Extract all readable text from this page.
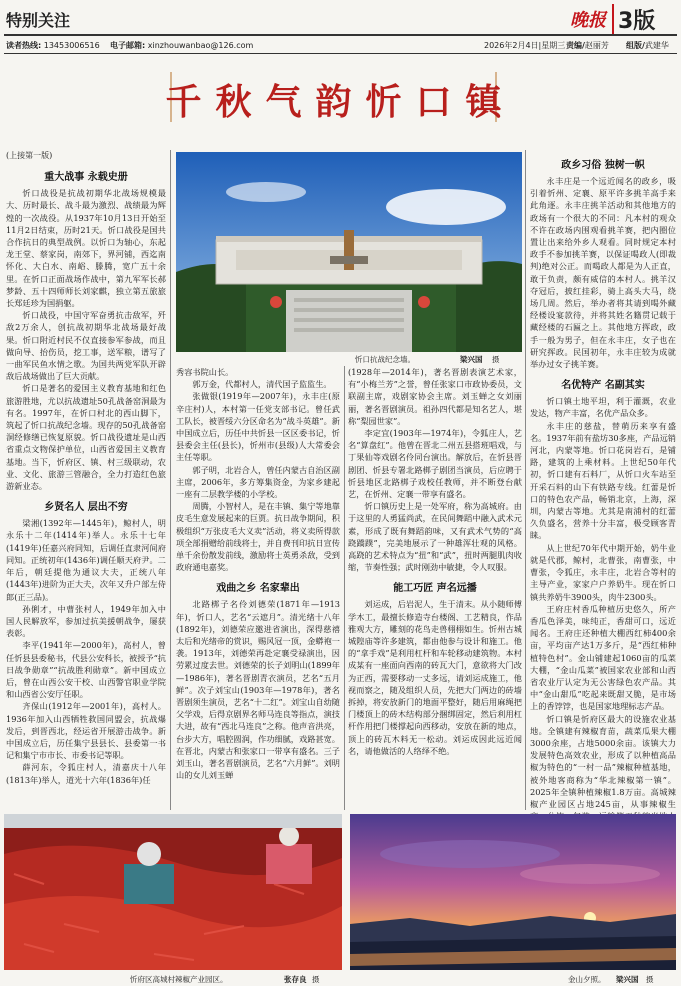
特别关注	晚报 3版
读者热线: 13453006516 电子邮箱: xinzhouwanbao@126.com	2026年2月4日|星期三 责编/赵丽芳 组版/武建华
千秋气韵忻口镇
忻口抗战纪念墙。	梁兴国 摄
(上接第一版)
重大战事 永载史册

忻口战役是抗战初期华北战场规模最大、历时最长、战斗最为激烈、战绩最为辉煌的一次战役。从1937年10月13日开始至11月2日结束，历时21天。忻口战役是国共合作抗日的典型战例。以忻口为轴心，东起龙王堂、蔡家岗，南郊下，界河铺，西迄南怀化、大白水、南峪、滕腾，宽广五十余里。在忻口正面战场作战中，第九军军长郝梦龄、五十四师师长刘家麒，独立第五旅旅长郑廷珍为国捐躯。

忻口战役，中国守军奋勇抗击敌军，歼敌2万余人，创抗战初期华北战场最好战果。忻口附近村民不仅直接参军参战，而且做向导、抬伤员，挖工事，送军粮，谱写了一曲军民鱼水情之歌。为国共两党军队开辟敌后战场做出了巨大贡献。

忻口是著名的爱国主义教育基地和红色旅游胜地，尤以抗战遗址50孔战备窑洞最为有名。1997年，在忻口村北的西山脚下，筑起了忻口抗战纪念墙。现存的50孔战备窑洞经修缮已恢复原貌。忻口战役遗址是山西省重点文物保护单位，山西省爱国主义教育基地。当下，忻府区、镇、村三级联动，农业、文化、旅游三管融合，全力打造红色旅游新业态。

乡贤名人 层出不穷

梁湘(1392年—1445年)，鲸村人，明永乐十二年(1414年)举人。永乐十七年(1419年)任嘉兴府同知，后调任直隶河间府同知。正统初年(1436年)调任顺天府尹。二年后，朝廷提他为通议大夫，正统八年(1443年)进阶为正大夫，次年又升户部左侍郎(正三品)。

孙俐才，中曹张村人，1949年加入中国人民解放军，参加过抗美援朝战争，屡获表彰。

李平(1941年—2000年)，高村人，曾任忻县县委秘书，代县公安科长，被授予“抗日战争勋章”“抗战胜利勋章”。新中国成立后，曾在山西公安干校、山西警官职业学院和山西省公安厅任职。

齐保山(1912年—2001年)，高村人。1936年加入山西牺牲救国同盟会，抗战爆发后，到晋西北，经运省开展游击战争。新中国成立后，历任集宁县县长、县委第一书记和集宁市市长、市委书记等职。

薛河东，令狐庄村人，清嘉庆十八年(1813年)举人，道光十六年(1836年)任

秀容书院山长。

郭万金，代都村人，清代国子监监生。

张做银(1919年—2007年)，永丰庄(原辛庄村)人，本村第一任党支部书记。曾任武工队长，被晋绥六分区命名为“战斗英雄”。新中国成立后，历任中共忻县一区区委书记，忻县委会主任(县长)，忻州市(县级)人大常委会主任等职。

郭子明，北岩合人，曾任内蒙古自治区副主席，2006年，多方筹集资金，为家乡建起一座有二层教学楼的小学校。

周腾，小智村人，是在丰镇、集宁等地靠皮毛生意发展起来的巨贾。抗日战争期间，积极组织“万张皮毛大义卖”活动，将义卖所得款项全部捐赠给前线将士，并自费刊印抗日宣传单千余份散发前线，激励将士英勇杀敌，受到政府通电嘉奖。

戏曲之乡 名家辈出

北路梆子名伶刘德荣(1871年—1913年)，忻口人，艺名“云遮月”。清光绪十八年(1892年)，刘德荣应邀进省演出，深得慈禧太后和光绪帝的赏识，赐风冠一顶，金蟒袍一袭。1913年，刘德荣再赴定襄受禄演出，因劳累过度去世。刘德荣的长子刘明山(1899年—1986年)，著名晋剧青衣演员，艺名“五月鲜”。次子刘宝山(1903年—1978年)，著名晋剧须生演员，艺名“十二红”。刘宝山自幼随父学戏，后得京剧界名师马连良等指点，演技大进，故有“西北马连良”之称。他声音洪亮，台步大方，唱腔圆润，作功细腻，戏路甚宽。在晋北，内蒙古和张家口一带享有盛名。三子刘玉山，著名晋剧演员，艺名“六月鲜”。刘明山的女儿刘玉蝉

(1928年—2014年)，著名晋剧表演艺术家，有“小梅兰芳”之誉，曾任张家口市政协委员，文联副主席，戏剧家协会主席。刘玉蝉之女刘丽丽，著名晋剧演员。祖孙四代都是知名艺人，堪称“梨园世家”。

李定宜(1903年—1974年)，令狐庄人，艺名“算盘红”。他曾在晋北二州五县搭班唱戏，与丁果仙等戏剧名伶同台演出。解放后，在忻县晋剧团、忻县专署北路梆子剧团当演员，后应聘于忻县地区北路梆子戏校任教师，并不断登台献艺，在忻州、定襄一带享有盛名。

忻口镇历史上是一处军府，称为高城府。由于这里的人勇猛尚武，在民间舞蹈中融入武术元素，形成了既有舞蹈韵味，又有武术气势的“高跷蹻蹼”，完美地展示了一种雄浑壮观的风格。高跷的艺术特点为“扭”和“武”，扭时两腿肌肉收缩，节奏性强；武时刚劲中敏捷，令人叹服。

能工巧匠 声名远播

刘运成，后岩泥人，生于清末。从小随师傅学木工，最擅长修造寺台楼阁、工艺精良，作品雅观大方，雕刻的花鸟走兽栩栩如生。忻州古城城隍庙等许多建筑，都由他参与设计和施工。他的“拿手戏”是利用杠杆和车轮移动建筑物。本村成某有一座面向西南的砖瓦大门，意欲将大门改为正西，需要移动一丈多远，请刘运成施工，他视而察之，随及组织人员，先把大门两边的砖墙拆掉，将安放新门的地面平整好，随后用麻绳把门楼顶上的砖木结构部分捆绑固定，然后利用杠杆作用把门楼撑起向西移动，安放在新的地点，顶上的砖瓦木料无一松动。刘运成因此远近闻名，请他做活的人络绎不绝。

政乡习俗 独树一帜

永丰庄是一个远近闻名的政乡，吸引着忻州、定襄、原平许多挑羊高手来此角逐。永丰庄挑羊活动和其他地方的政场有一个很大的不同：凡本村的观众不许在政场内围观看挑羊赛，把内圈位置让出来给外乡人观看。同时规定本村政手不参加挑羊赛，以保证喝政人(即裁判)绝对公正。而喝政人都是为人正直，敢于负责，颇有威信的本村人。挑羊汉夺冠后，披红挂彩，骑上高头大马，绕场几周。然后，举办者将其请到喝外藏经楼设宴款待，并将其姓名籍贯记载于藏经楼的石匾之上。其他地方挥政，政手一般为男子，但在永丰庄，女子也在研究挥政。民国初年，永丰庄较为成就举办过女子挑羊赛。

名优特产 名副其实

忻口镇土地平坦，利于灌溉，农业发达，物产丰富，名优产品众多。

永丰庄的慈盐，替萌历来享有盛名。1937年前有盐坊30多座，产品远销河北，内蒙等地。忻口花岗岩石，是铺路，建筑的上乘材料。上世纪50年代初，忻口建有石料厂，从忻口火车站至开采石料的山下有铁路专线。红蕾是忻口的特色农产品，畅销北京，上海，深圳，内蒙古等地。尤其是南浦村的红蕾久负盛名，营养十分丰富，极受顾客青睐。

从上世纪70年代中期开始，奶牛业就是代郡，鲸村，北曹张，南曹张，中曹张，令狐庄，永丰庄，北岩合等村的主导产业，家家户户养奶牛。现在忻口镇共养奶牛3900头，肉牛2300头。

王府庄村香瓜种植历史悠久，所产香瓜色泽美，味纯正，香甜可口，远近闻名。王府庄还种植大棚西红柿400余亩，平均亩产达1万多斤，是“西红柿种植特色村”。金山铺建起1060亩的瓜菜大棚，“金山瓜菜”被国家农业部和山西省农业厅认定为无公害绿色农产品。其中“金山甜瓜”吃起来既甜又脆，是市场上的香饽饽，也是国家地理标志产品。

忻口镇是忻府区最大的设施农业基地。全镇建有辣椒育苗，蔬菜瓜果大棚3000余座，占地5000余亩。该镇大力发展特色高效农业，形成了以种植高品椒为特色的“一村一品”辣椒种植基地，被外地客商称为“华北辣椒第一镇”。2025年全镇种植辣椒1.8万亩。高城辣椒产业园区占地245亩，从事辣椒生

忻府区高城村辣椒产业园区。	张存良 摄	金山夕照。 梁兴国 摄
